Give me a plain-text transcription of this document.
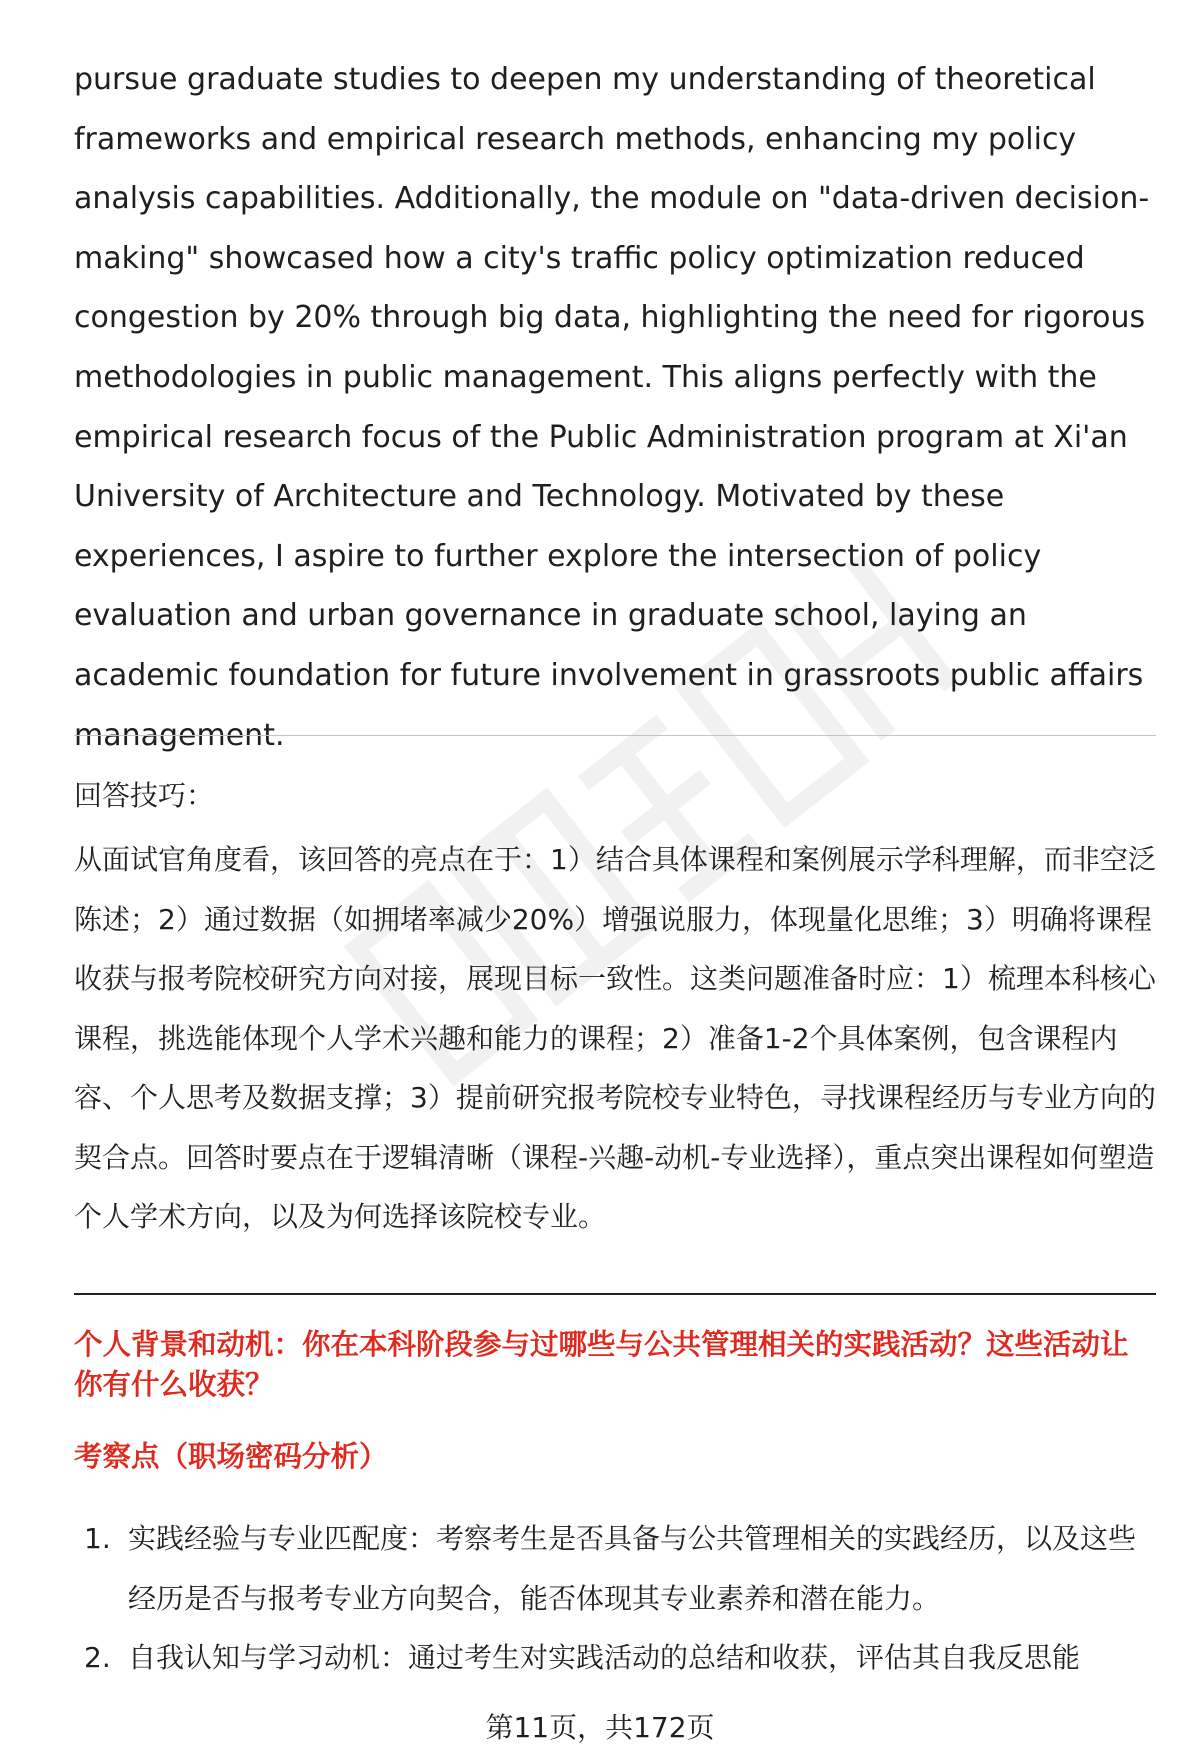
pursue graduate studies to deepen my understanding of theoretical frameworks and empirical research methods, enhancing my policy analysis capabilities. Additionally, the module on "data-driven decision-making" showcased how a city's traffic policy optimization reduced congestion by 20% through big data, highlighting the need for rigorous methodologies in public management. This aligns perfectly with the empirical research focus of the Public Administration program at Xi'an University of Architecture and Technology. Motivated by these experiences, I aspire to further explore the intersection of policy evaluation and urban governance in graduate school, laying an academic foundation for future involvement in grassroots public affairs management.

回答技巧：

从面试官角度看，该回答的亮点在于：1）结合具体课程和案例展示学科理解，而非空泛陈述；2）通过数据（如拥堵率减少20%）增强说服力，体现量化思维；3）明确将课程收获与报考院校研究方向对接，展现目标一致性。这类问题准备时应：1）梳理本科核心课程，挑选能体现个人学术兴趣和能力的课程；2）准备1-2个具体案例，包含课程内容、个人思考及数据支撑；3）提前研究报考院校专业特色，寻找课程经历与专业方向的契合点。回答时要点在于逻辑清晰（课程-兴趣-动机-专业选择），重点突出课程如何塑造个人学术方向，以及为何选择该院校专业。

个人背景和动机：你在本科阶段参与过哪些与公共管理相关的实践活动？这些活动让你有什么收获？

考察点（职场密码分析）

1. 实践经验与专业匹配度：考察考生是否具备与公共管理相关的实践经历，以及这些经历是否与报考专业方向契合，能否体现其专业素养和潜在能力。
2. 自我认知与学习动机：通过考生对实践活动的总结和收获，评估其自我反思能
第11页，共172页
